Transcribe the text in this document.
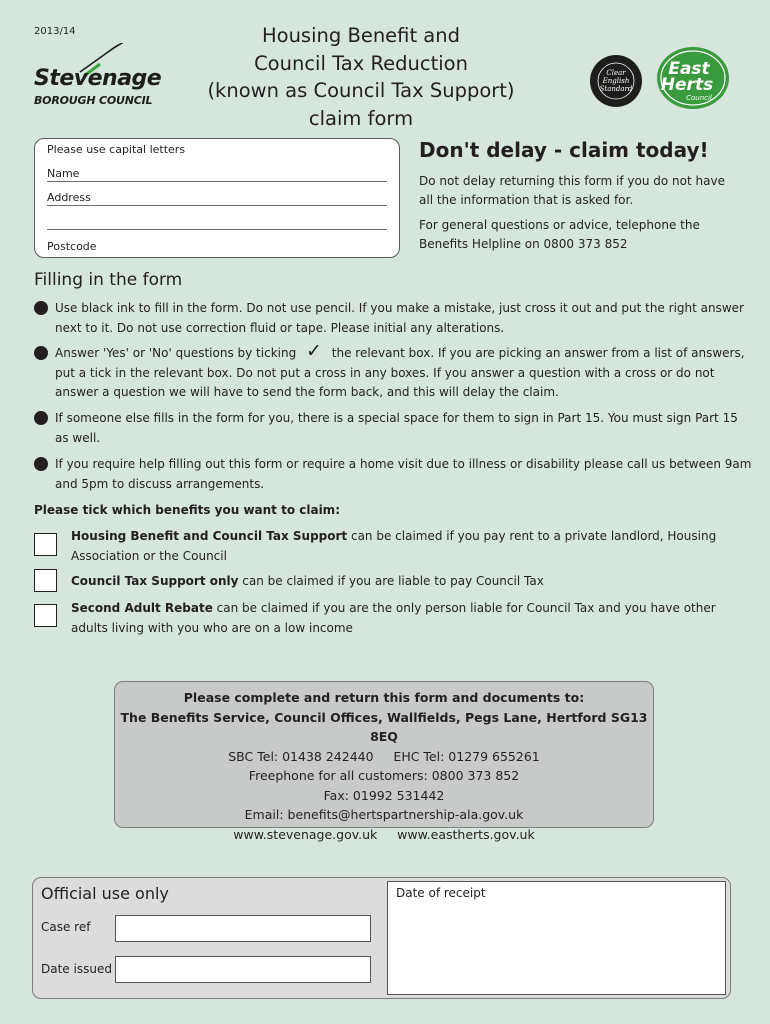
2013/14
Stevenage
BOROUGH COUNCIL
Housing Benefit and
Council Tax Reduction
(known as Council Tax Support)
claim form
Clear
English
Standard
East
Herts
Council
Please use capital letters
Name
Address
Postcode
Don't delay - claim today!
Do not delay returning this form if you do not have all the information that is asked for.
For general questions or advice, telephone the Benefits Helpline on 0800 373 852
Filling in the form
Use black ink to fill in the form. Do not use pencil. If you make a mistake, just cross it out and put the right answer next to it. Do not use correction fluid or tape. Please initial any alterations.
Answer 'Yes' or 'No' questions by ticking ✓ the relevant box. If you are picking an answer from a list of answers, put a tick in the relevant box. Do not put a cross in any boxes. If you answer a question with a cross or do not answer a question we will have to send the form back, and this will delay the claim.
If someone else fills in the form for you, there is a special space for them to sign in Part 15. You must sign Part 15 as well.
If you require help filling out this form or require a home visit due to illness or disability please call us between 9am and 5pm to discuss arrangements.
Please tick which benefits you want to claim:
Housing Benefit and Council Tax Support can be claimed if you pay rent to a private landlord, Housing Association or the Council
Council Tax Support only can be claimed if you are liable to pay Council Tax
Second Adult Rebate can be claimed if you are the only person liable for Council Tax and you have other adults living with you who are on a low income
Please complete and return this form and documents to:
The Benefits Service, Council Offices, Wallfields, Pegs Lane, Hertford SG13 8EQ
SBC Tel: 01438 242440     EHC Tel: 01279 655261
Freephone for all customers: 0800 373 852
Fax: 01992 531442
Email: benefits@hertspartnership-ala.gov.uk
www.stevenage.gov.uk     www.eastherts.gov.uk
Official use only
Case ref
Date issued
Date of receipt
